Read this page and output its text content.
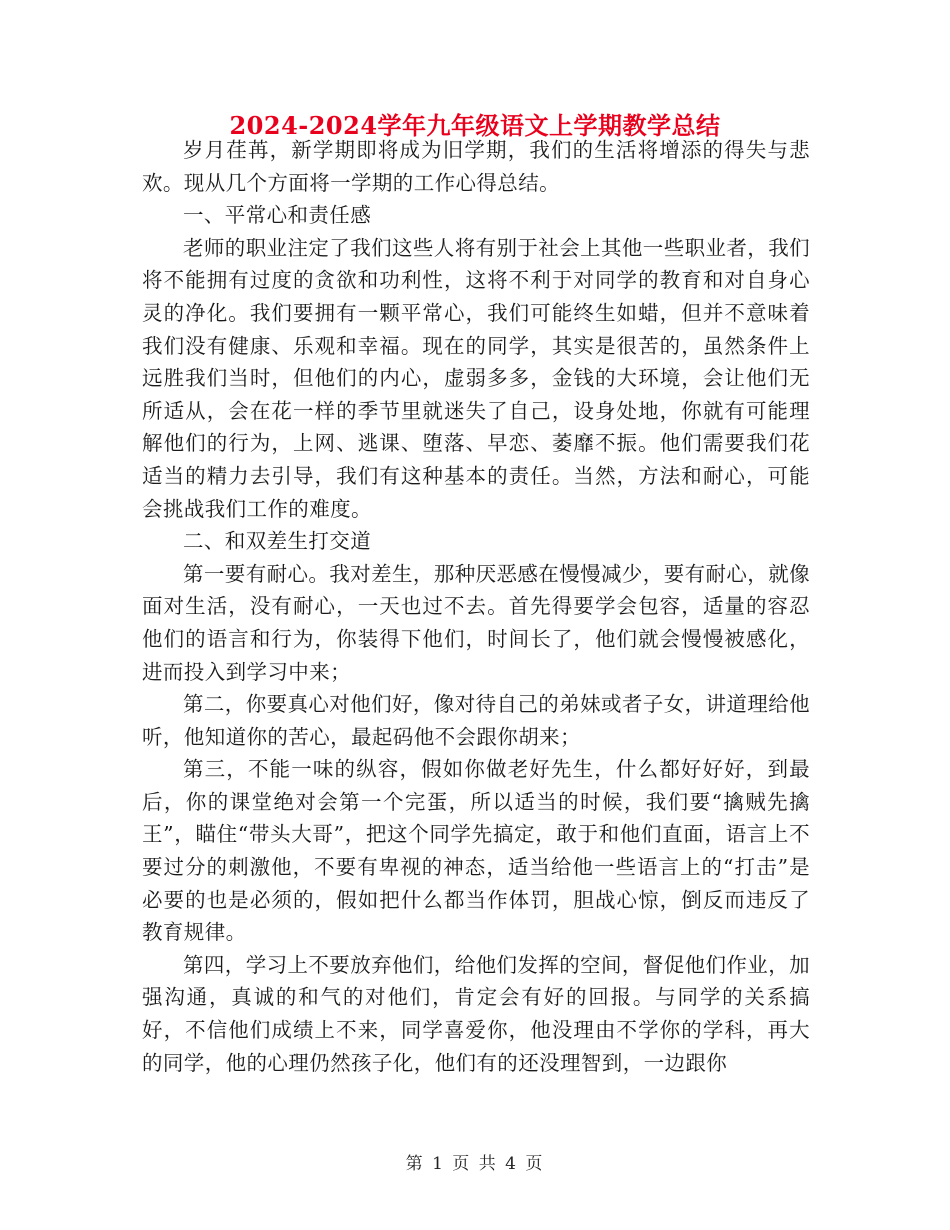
2024-2024学年九年级语文上学期教学总结

岁月荏苒，新学期即将成为旧学期，我们的生活将增添的得失与悲欢。现从几个方面将一学期的工作心得总结。

一、平常心和责任感

老师的职业注定了我们这些人将有别于社会上其他一些职业者，我们将不能拥有过度的贪欲和功利性，这将不利于对同学的教育和对自身心灵的净化。我们要拥有一颗平常心，我们可能终生如蜡，但并不意味着我们没有健康、乐观和幸福。现在的同学，其实是很苦的，虽然条件上远胜我们当时，但他们的内心，虚弱多多，金钱的大环境，会让他们无所适从，会在花一样的季节里就迷失了自己，设身处地，你就有可能理解他们的行为，上网、逃课、堕落、早恋、萎靡不振。他们需要我们花适当的精力去引导，我们有这种基本的责任。当然，方法和耐心，可能会挑战我们工作的难度。

二、和双差生打交道

第一要有耐心。我对差生，那种厌恶感在慢慢减少，要有耐心，就像面对生活，没有耐心，一天也过不去。首先得要学会包容，适量的容忍他们的语言和行为，你装得下他们，时间长了，他们就会慢慢被感化，进而投入到学习中来；

第二，你要真心对他们好，像对待自己的弟妹或者子女，讲道理给他听，他知道你的苦心，最起码他不会跟你胡来；

第三，不能一味的纵容，假如你做老好先生，什么都好好好，到最后，你的课堂绝对会第一个完蛋，所以适当的时候，我们要“擒贼先擒王”，瞄住“带头大哥”，把这个同学先搞定，敢于和他们直面，语言上不要过分的刺激他，不要有卑视的神态，适当给他一些语言上的“打击”是必要的也是必须的，假如把什么都当作体罚，胆战心惊，倒反而违反了教育规律。

第四，学习上不要放弃他们，给他们发挥的空间，督促他们作业，加强沟通，真诚的和气的对他们，肯定会有好的回报。与同学的关系搞好，不信他们成绩上不来，同学喜爱你，他没理由不学你的学科，再大的同学，他的心理仍然孩子化，他们有的还没理智到，一边跟你

第 1 页 共 4 页
